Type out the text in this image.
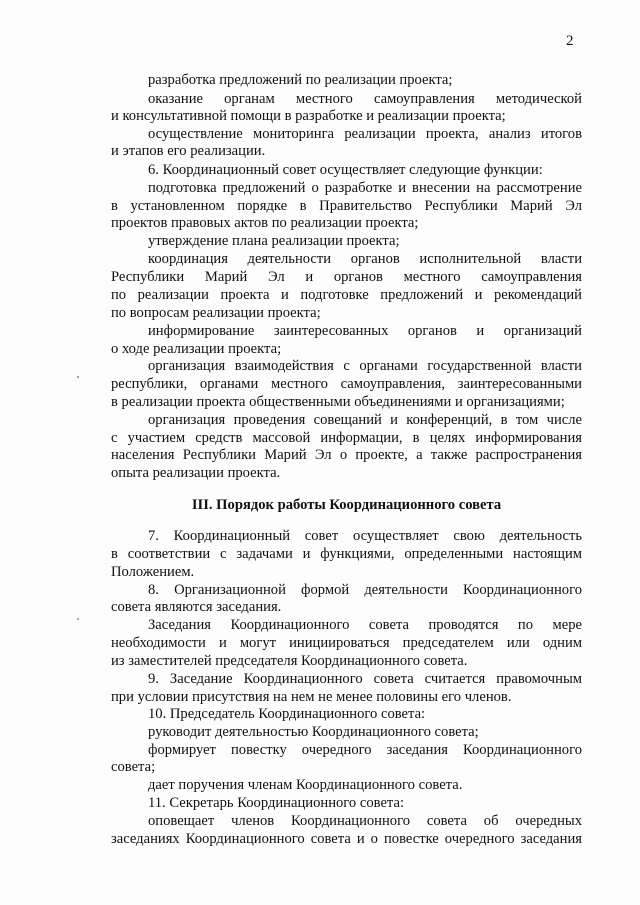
2
разработка предложений по реализации проекта;
оказание органам местного самоуправления методической
и консультативной помощи в разработке и реализации проекта;
осуществление мониторинга реализации проекта, анализ итогов
и этапов его реализации.
6. Координационный совет осуществляет следующие функции:
подготовка предложений о разработке и внесении на рассмотрение
в установленном порядке в Правительство Республики Марий Эл
проектов правовых актов по реализации проекта;
утверждение плана реализации проекта;
координация деятельности органов исполнительной власти
Республики Марий Эл и органов местного самоуправления
по реализации проекта и подготовке предложений и рекомендаций
по вопросам реализации проекта;
информирование заинтересованных органов и организаций
о ходе реализации проекта;
организация взаимодействия с органами государственной власти
республики, органами местного самоуправления, заинтересованными
в реализации проекта общественными объединениями и организациями;
организация проведения совещаний и конференций, в том числе
с участием средств массовой информации, в целях информирования
населения Республики Марий Эл о проекте, а также распространения
опыта реализации проекта.
III. Порядок работы Координационного совета
7. Координационный совет осуществляет свою деятельность
в соответствии с задачами и функциями, определенными настоящим
Положением.
8. Организационной формой деятельности Координационного
совета являются заседания.
Заседания Координационного совета проводятся по мере
необходимости и могут инициироваться председателем или одним
из заместителей председателя Координационного совета.
9. Заседание Координационного совета считается правомочным
при условии присутствия на нем не менее половины его членов.
10. Председатель Координационного совета:
руководит деятельностью Координационного совета;
формирует повестку очередного заседания Координационного
совета;
дает поручения членам Координационного совета.
11. Секретарь Координационного совета:
оповещает членов Координационного совета об очередных
заседаниях Координационного совета и о повестке очередного заседания
